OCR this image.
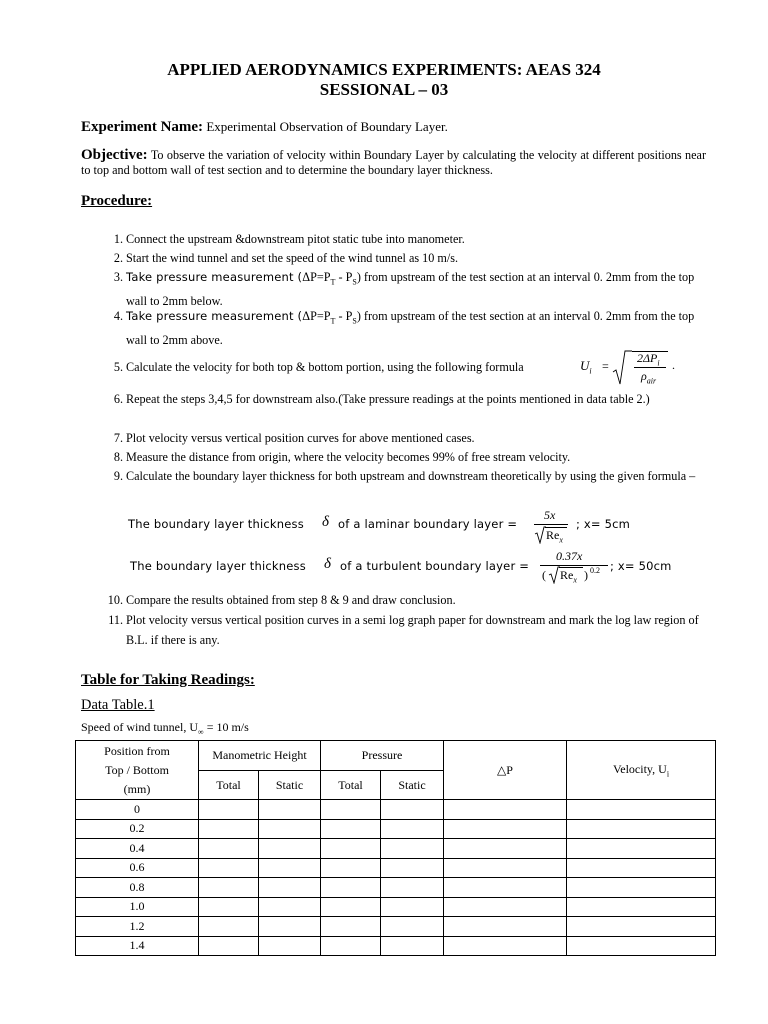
APPLIED AERODYNAMICS EXPERIMENTS: AEAS 324
SESSIONAL – 03
Experiment Name: Experimental Observation of Boundary Layer.
Objective: To observe the variation of velocity within Boundary Layer by calculating the velocity at different positions near to top and bottom wall of test section and to determine the boundary layer thickness.
Procedure:
1. Connect the upstream &downstream pitot static tube into manometer.
2. Start the wind tunnel and set the speed of the wind tunnel as 10 m/s.
3. Take pressure measurement $(\Delta P=P_T - P_S)$ from upstream of the test section at an interval 0. 2mm from the top wall to 2mm below.
4. Take pressure measurement $(\Delta P=P_T - P_S)$ from upstream of the test section at an interval 0. 2mm from the top wall to 2mm above.
5. Calculate the velocity for both top & bottom portion, using the following formula	$U_i$ =
$2\Delta P_i$
$\rho_{air}$
.
6. Repeat the steps 3,4,5 for downstream also.(Take pressure readings at the points mentioned in data table 2.)
7. Plot velocity versus vertical position curves for above mentioned cases.
8. Measure the distance from origin, where the velocity becomes 99% of free stream velocity.
9. Calculate the boundary layer thickness for both upstream and downstream theoretically by using the given formula –
The boundary layer thickness δ of a laminar boundary layer =
5x
$Re_x$
; x= 5cm
The boundary layer thickness δ of a turbulent boundary layer =
0.37x
( $Re_x$ ) 0.2 ; x= 50cm
10. Compare the results obtained from step 8 & 9 and draw conclusion.
11. Plot velocity versus vertical position curves in a semi log graph paper for downstream and mark the log law region of B.L. if there is any.
Table for Taking Readings:
Data Table.1
Speed of wind tunnel, $U_\infty = 10$ m/s
Position from
Top / Bottom
(mm)	Manometric Height		Pressure		△P	Velocity, $U_i$
	Total	Static	Total	Static		
0						
0.2						
0.4						
0.6						
0.8						
1.0						
1.2						
1.4						
